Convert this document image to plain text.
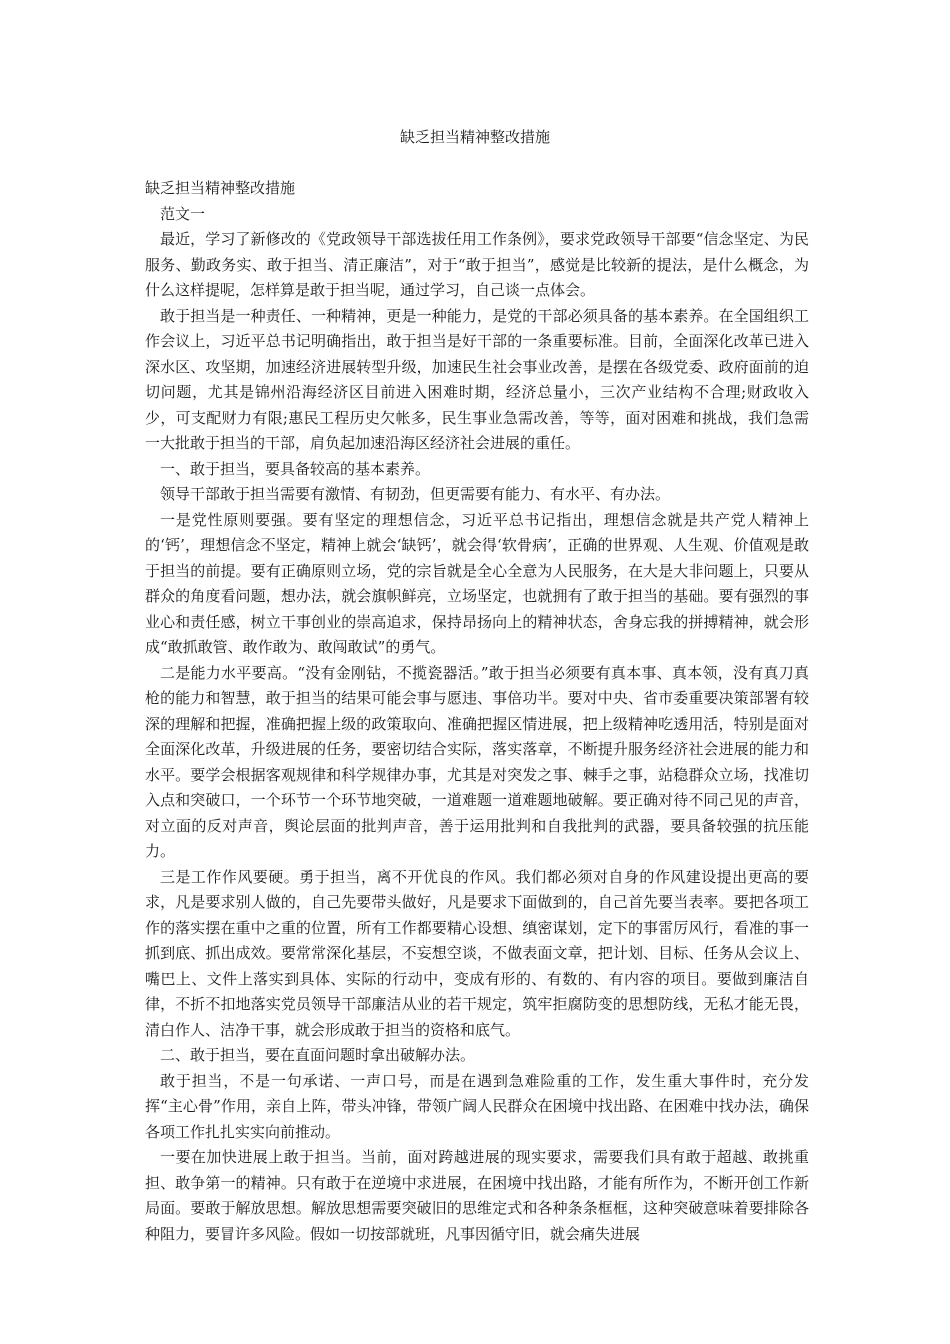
缺乏担当精神整改措施

缺乏担当精神整改措施

范文一

最近，学习了新修改的《党政领导干部选拔任用工作条例》，要求党政领导干部要“信念坚定、为民服务、勤政务实、敢于担当、清正廉洁”，对于“敢于担当”，感觉是比较新的提法，是什么概念，为什么这样提呢，怎样算是敢于担当呢，通过学习，自己谈一点体会。

敢于担当是一种责任、一种精神，更是一种能力，是党的干部必须具备的基本素养。在全国组织工作会议上，习近平总书记明确指出，敢于担当是好干部的一条重要标准。目前，全面深化改革已进入深水区、攻坚期，加速经济进展转型升级，加速民生社会事业改善，是摆在各级党委、政府面前的迫切问题，尤其是锦州沿海经济区目前进入困难时期，经济总量小，三次产业结构不合理;财政收入少，可支配财力有限;惠民工程历史欠帐多，民生事业急需改善，等等，面对困难和挑战，我们急需一大批敢于担当的干部，肩负起加速沿海区经济社会进展的重任。

一、敢于担当，要具备较高的基本素养。

领导干部敢于担当需要有激情、有韧劲，但更需要有能力、有水平、有办法。

一是党性原则要强。要有坚定的理想信念，习近平总书记指出，理想信念就是共产党人精神上的‘钙’，理想信念不坚定，精神上就会‘缺钙’，就会得‘软骨病’，正确的世界观、人生观、价值观是敢于担当的前提。要有正确原则立场，党的宗旨就是全心全意为人民服务，在大是大非问题上，只要从群众的角度看问题，想办法，就会旗帜鲜亮，立场坚定，也就拥有了敢于担当的基础。要有强烈的事业心和责任感，树立干事创业的崇高追求，保持昂扬向上的精神状态，舍身忘我的拼搏精神，就会形成“敢抓敢管、敢作敢为、敢闯敢试”的勇气。

二是能力水平要高。“没有金刚钻，不揽瓷器活。”敢于担当必须要有真本事、真本领，没有真刀真枪的能力和智慧，敢于担当的结果可能会事与愿违、事倍功半。要对中央、省市委重要决策部署有较深的理解和把握，准确把握上级的政策取向、准确把握区情进展，把上级精神吃透用活，特别是面对全面深化改革，升级进展的任务，要密切结合实际，落实落章，不断提升服务经济社会进展的能力和水平。要学会根据客观规律和科学规律办事，尤其是对突发之事、棘手之事，站稳群众立场，找准切入点和突破口，一个环节一个环节地突破，一道难题一道难题地破解。要正确对待不同己见的声音，对立面的反对声音，舆论层面的批判声音，善于运用批判和自我批判的武器，要具备较强的抗压能力。

三是工作作风要硬。勇于担当，离不开优良的作风。我们都必须对自身的作风建设提出更高的要求，凡是要求别人做的，自己先要带头做好，凡是要求下面做到的，自己首先要当表率。要把各项工作的落实摆在重中之重的位置，所有工作都要精心设想、缜密谋划，定下的事雷厉风行，看准的事一抓到底、抓出成效。要常常深化基层，不妄想空谈，不做表面文章，把计划、目标、任务从会议上、嘴巴上、文件上落实到具体、实际的行动中，变成有形的、有数的、有内容的项目。要做到廉洁自律，不折不扣地落实党员领导干部廉洁从业的若干规定，筑牢拒腐防变的思想防线，无私才能无畏，清白作人、洁净干事，就会形成敢于担当的资格和底气。

二、敢于担当，要在直面问题时拿出破解办法。

敢于担当，不是一句承诺、一声口号，而是在遇到急难险重的工作，发生重大事件时，充分发挥“主心骨”作用，亲自上阵，带头冲锋，带领广阔人民群众在困境中找出路、在困难中找办法，确保各项工作扎扎实实向前推动。

一要在加快进展上敢于担当。当前，面对跨越进展的现实要求，需要我们具有敢于超越、敢挑重担、敢争第一的精神。只有敢于在逆境中求进展，在困境中找出路，才能有所作为，不断开创工作新局面。要敢于解放思想。解放思想需要突破旧的思维定式和各种条条框框，这种突破意味着要排除各种阻力，要冒许多风险。假如一切按部就班，凡事因循守旧，就会痛失进展
